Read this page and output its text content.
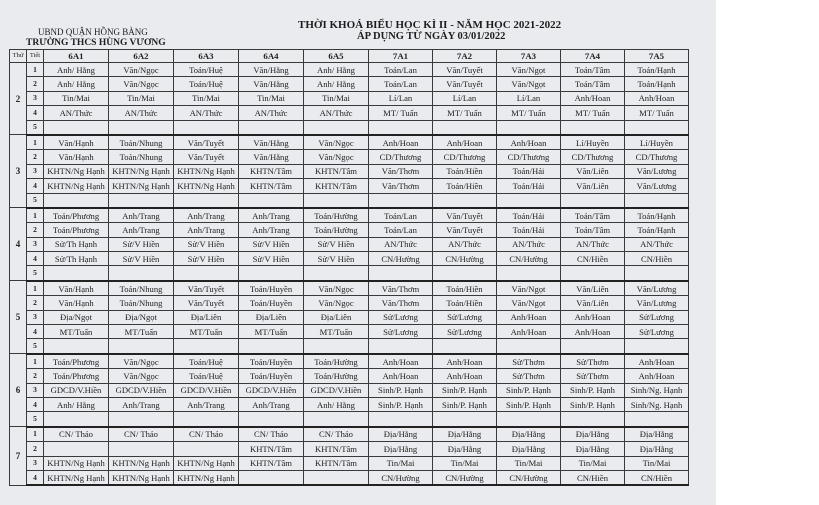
UBND QUẬN HỒNG BÀNG
TRƯỜNG THCS HÙNG VƯƠNG
THỜI KHOÁ BIỂU HỌC KÌ II - NĂM HỌC 2021-2022
ÁP DỤNG TỪ NGÀY 03/01/2022
Thứ	Tiết	6A1	6A2	6A3	6A4	6A5	7A1	7A2	7A3	7A4	7A5
2	1	Anh/ Hằng	Văn/Ngọc	Toán/Huệ	Văn/Hằng	Anh/ Hằng	Toán/Lan	Văn/Tuyết	Văn/Ngọt	Toán/Tâm	Toán/Hạnh
	2	Anh/ Hằng	Văn/Ngọc	Toán/Huệ	Văn/Hằng	Anh/ Hằng	Toán/Lan	Văn/Tuyết	Văn/Ngọt	Toán/Tâm	Toán/Hạnh
	3	Tin/Mai	Tin/Mai	Tin/Mai	Tin/Mai	Tin/Mai	Lí/Lan	Lí/Lan	Lí/Lan	Anh/Hoan	Anh/Hoan
	4	AN/Thức	AN/Thức	AN/Thức	AN/Thức	AN/Thức	MT/ Tuấn	MT/ Tuấn	MT/ Tuấn	MT/ Tuấn	MT/ Tuấn
	5										
3	1	Văn/Hạnh	Toán/Nhung	Văn/Tuyết	Văn/Hằng	Văn/Ngọc	Anh/Hoan	Anh/Hoan	Anh/Hoan	Lí/Huyền	Lí/Huyền
	2	Văn/Hạnh	Toán/Nhung	Văn/Tuyết	Văn/Hằng	Văn/Ngọc	CD/Thương	CD/Thương	CD/Thương	CD/Thương	CD/Thương
	3	KHTN/Ng Hạnh	KHTN/Ng Hạnh	KHTN/Ng Hạnh	KHTN/Tâm	KHTN/Tâm	Văn/Thơm	Toán/Hiền	Toán/Hải	Văn/Liên	Văn/Lương
	4	KHTN/Ng Hạnh	KHTN/Ng Hạnh	KHTN/Ng Hạnh	KHTN/Tâm	KHTN/Tâm	Văn/Thơm	Toán/Hiền	Toán/Hải	Văn/Liên	Văn/Lương
	5										
4	1	Toán/Phương	Anh/Trang	Anh/Trang	Anh/Trang	Toán/Hường	Toán/Lan	Văn/Tuyết	Toán/Hải	Toán/Tâm	Toán/Hạnh
	2	Toán/Phương	Anh/Trang	Anh/Trang	Anh/Trang	Toán/Hường	Toán/Lan	Văn/Tuyết	Toán/Hải	Toán/Tâm	Toán/Hạnh
	3	Sử/Th Hạnh	Sử/V Hiền	Sử/V Hiền	Sử/V Hiền	Sử/V Hiền	AN/Thức	AN/Thức	AN/Thức	AN/Thức	AN/Thức
	4	Sử/Th Hạnh	Sử/V Hiền	Sử/V Hiền	Sử/V Hiền	Sử/V Hiền	CN/Hường	CN/Hường	CN/Hường	CN/Hiền	CN/Hiền
	5										
5	1	Văn/Hạnh	Toán/Nhung	Văn/Tuyết	Toán/Huyền	Văn/Ngọc	Văn/Thơm	Toán/Hiền	Văn/Ngọt	Văn/Liên	Văn/Lương
	2	Văn/Hạnh	Toán/Nhung	Văn/Tuyết	Toán/Huyền	Văn/Ngọc	Văn/Thơm	Toán/Hiền	Văn/Ngọt	Văn/Liên	Văn/Lương
	3	Địa/Ngọt	Địa/Ngọt	Địa/Liên	Địa/Liên	Địa/Liên	Sử/Lương	Sử/Lương	Anh/Hoan	Anh/Hoan	Sử/Lương
	4	MT/Tuấn	MT/Tuấn	MT/Tuấn	MT/Tuấn	MT/Tuấn	Sử/Lương	Sử/Lương	Anh/Hoan	Anh/Hoan	Sử/Lương
	5										
6	1	Toán/Phương	Văn/Ngọc	Toán/Huệ	Toán/Huyền	Toán/Hường	Anh/Hoan	Anh/Hoan	Sử/Thơm	Sử/Thơm	Anh/Hoan
	2	Toán/Phương	Văn/Ngọc	Toán/Huệ	Toán/Huyền	Toán/Hường	Anh/Hoan	Anh/Hoan	Sử/Thơm	Sử/Thơm	Anh/Hoan
	3	GDCD/V.Hiền	GDCD/V.Hiền	GDCD/V.Hiền	GDCD/V.Hiền	GDCD/V.Hiền	Sinh/P. Hạnh	Sinh/P. Hạnh	Sinh/P. Hạnh	Sinh/P. Hạnh	Sinh/Ng. Hạnh
	4	Anh/ Hằng	Anh/Trang	Anh/Trang	Anh/Trang	Anh/ Hằng	Sinh/P. Hạnh	Sinh/P. Hạnh	Sinh/P. Hạnh	Sinh/P. Hạnh	Sinh/Ng. Hạnh
	5										
7	1	CN/ Thảo	CN/ Thảo	CN/ Thảo	CN/ Thảo	CN/ Thảo	Địa/Hằng	Địa/Hằng	Địa/Hằng	Địa/Hằng	Địa/Hằng
	2				KHTN/Tâm	KHTN/Tâm	Địa/Hằng	Địa/Hằng	Địa/Hằng	Địa/Hằng	Địa/Hằng
	3	KHTN/Ng Hạnh	KHTN/Ng Hạnh	KHTN/Ng Hạnh	KHTN/Tâm	KHTN/Tâm	Tin/Mai	Tin/Mai	Tin/Mai	Tin/Mai	Tin/Mai
	4	KHTN/Ng Hạnh	KHTN/Ng Hạnh	KHTN/Ng Hạnh			CN/Hường	CN/Hường	CN/Hường	CN/Hiền	CN/Hiền
